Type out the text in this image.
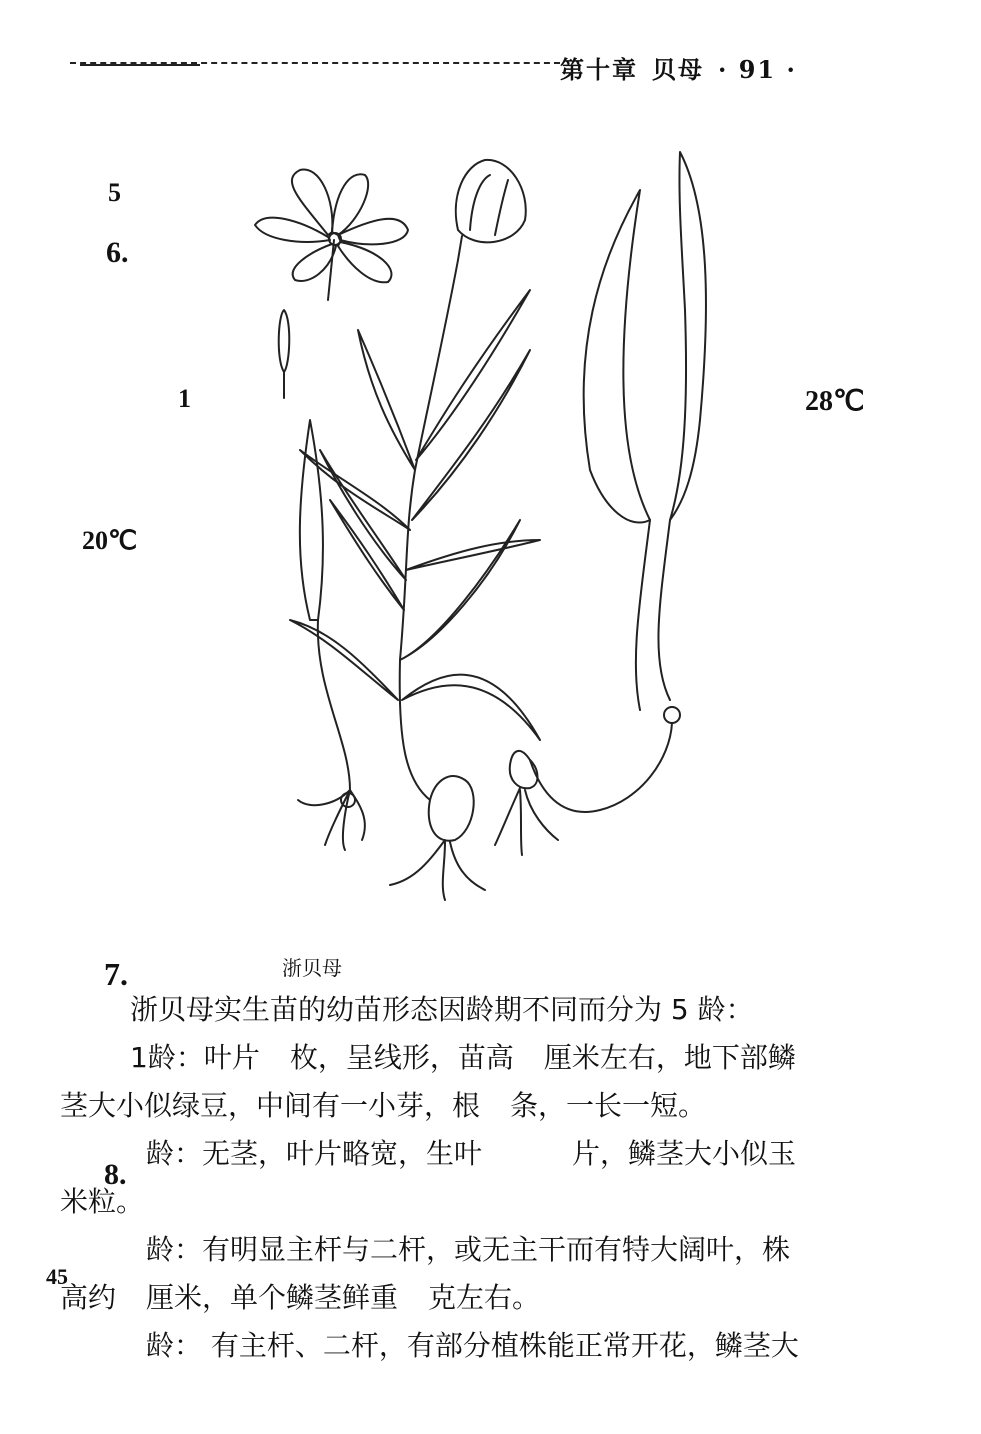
第十章 贝母 · 91 ·
5
6.
1	28℃
20℃
7.
8.
45
浙贝母
浙贝母实生苗的幼苗形态因龄期不同而分为 5 龄：
1龄：叶片 枚，呈线形，苗高 厘米左右，地下部鳞
茎大小似绿豆，中间有一小芽，根 条，一长一短。
龄：无茎，叶片略宽，生叶	片，鳞茎大小似玉
米粒。
龄：有明显主杆与二杆，或无主干而有特大阔叶，株
高约 厘米，单个鳞茎鲜重 克左右。
龄： 有主杆、二杆，有部分植株能正常开花，鳞茎大
